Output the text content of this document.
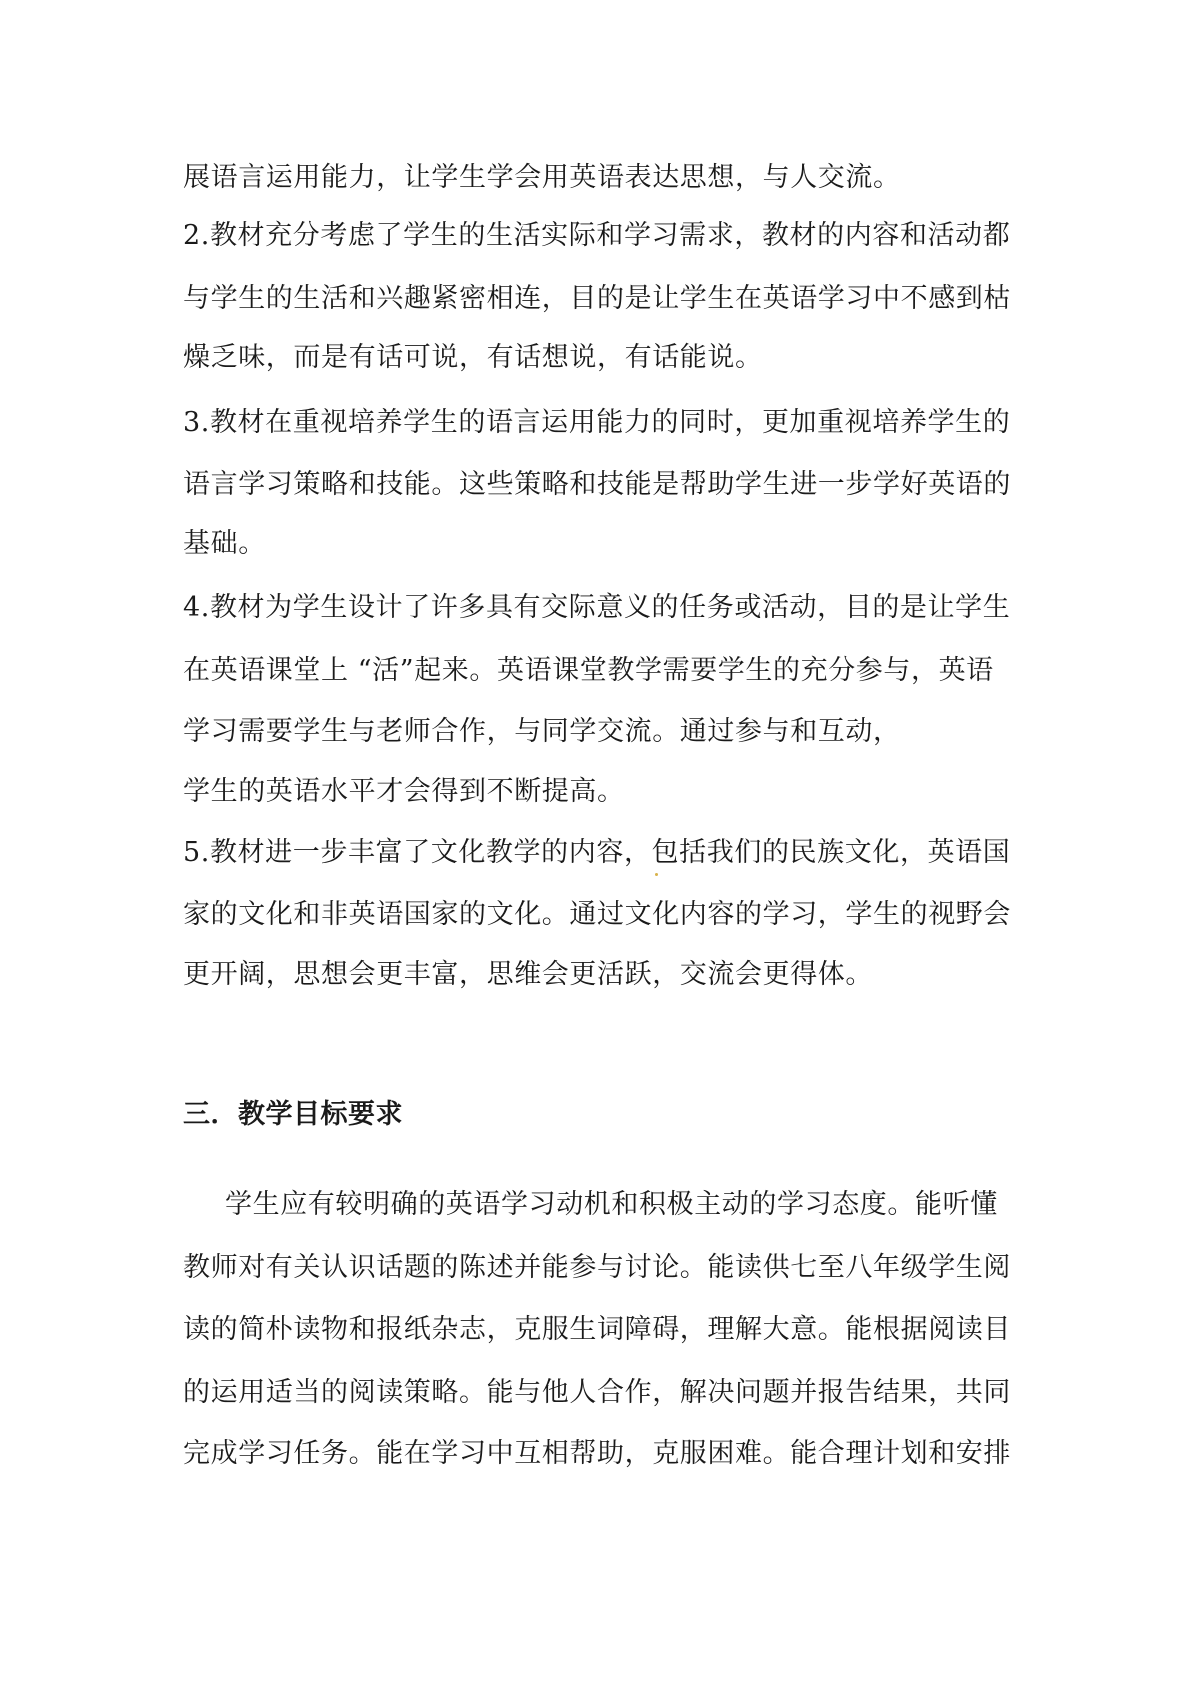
展语言运用能力，让学生学会用英语表达思想，与人交流。
2.教材充分考虑了学生的生活实际和学习需求，教材的内容和活动都
与学生的生活和兴趣紧密相连，目的是让学生在英语学习中不感到枯
燥乏味，而是有话可说，有话想说，有话能说。
3.教材在重视培养学生的语言运用能力的同时，更加重视培养学生的
语言学习策略和技能。这些策略和技能是帮助学生进一步学好英语的
基础。
4.教材为学生设计了许多具有交际意义的任务或活动，目的是让学生
在英语课堂上 “活”起来。英语课堂教学需要学生的充分参与，英语
学习需要学生与老师合作，与同学交流。通过参与和互动，
学生的英语水平才会得到不断提高。
5.教材进一步丰富了文化教学的内容，包括我们的民族文化，英语国
家的文化和非英语国家的文化。通过文化内容的学习，学生的视野会
更开阔，思想会更丰富，思维会更活跃，交流会更得体。
三．教学目标要求
学生应有较明确的英语学习动机和积极主动的学习态度。能听懂
教师对有关认识话题的陈述并能参与讨论。能读供七至八年级学生阅
读的简朴读物和报纸杂志，克服生词障碍，理解大意。能根据阅读目
的运用适当的阅读策略。能与他人合作，解决问题并报告结果，共同
完成学习任务。能在学习中互相帮助，克服困难。能合理计划和安排
